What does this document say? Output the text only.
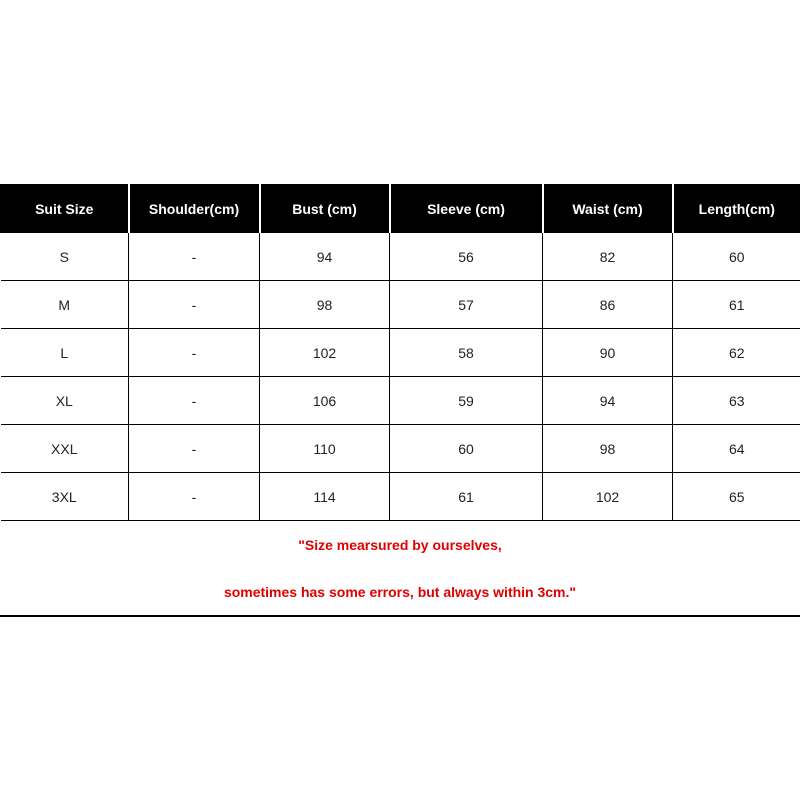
Suit Size	Shoulder(cm)	Bust (cm)	Sleeve (cm)	Waist (cm)	Length(cm)
S	-	94	56	82	60
M	-	98	57	86	61
L	-	102	58	90	62
XL	-	106	59	94	63
XXL	-	110	60	98	64
3XL	-	114	61	102	65
"Size mearsured by ourselves,
sometimes has some errors, but always within 3cm."
